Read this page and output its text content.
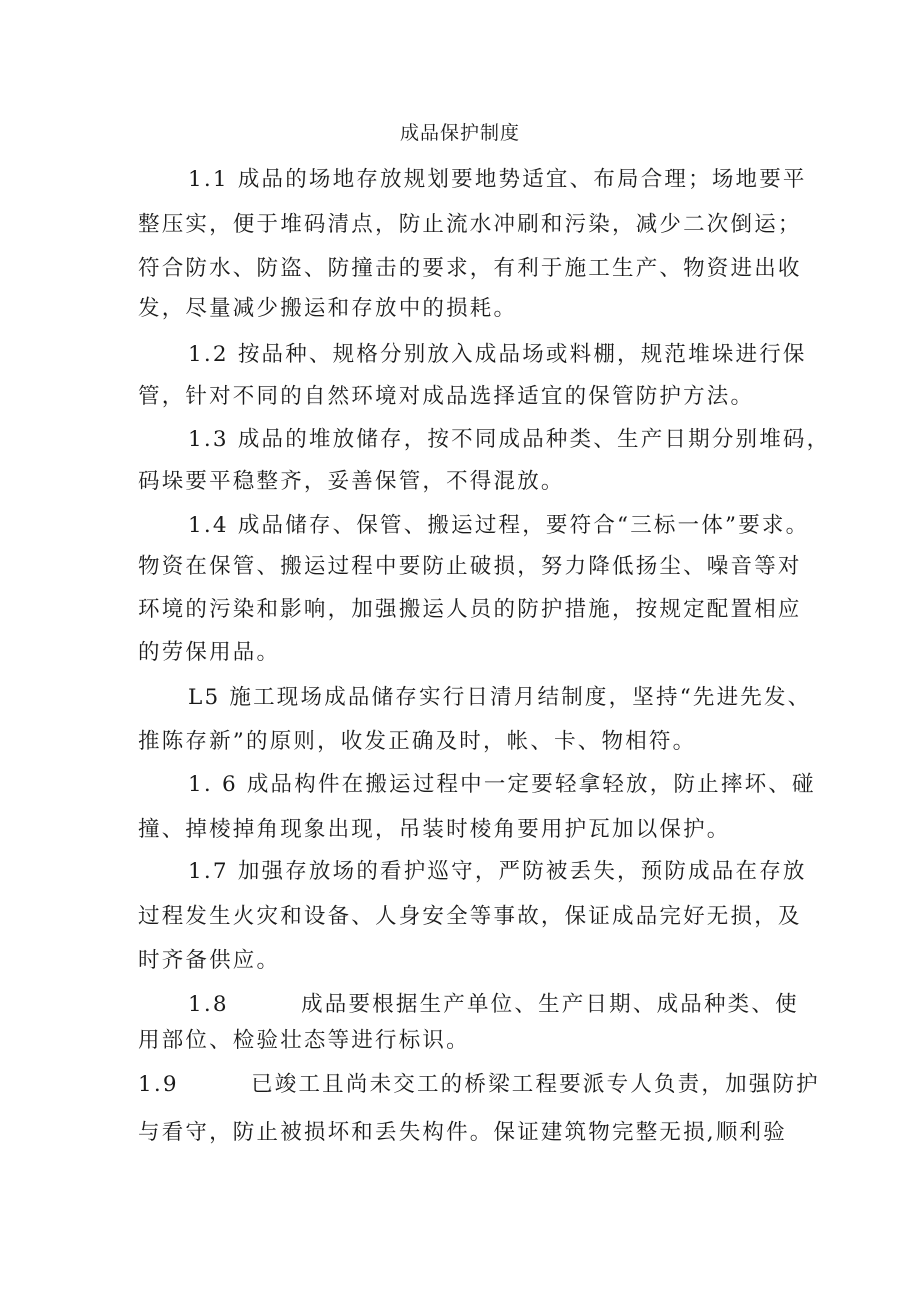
成品保护制度
1.1 成品的场地存放规划要地势适宜、布局合理；场地要平
整压实，便于堆码清点，防止流水冲刷和污染，减少二次倒运；
符合防水、防盗、防撞击的要求，有利于施工生产、物资进出收
发，尽量减少搬运和存放中的损耗。
1.2 按品种、规格分别放入成品场或料棚，规范堆垛进行保
管，针对不同的自然环境对成品选择适宜的保管防护方法。
1.3 成品的堆放储存，按不同成品种类、生产日期分别堆码，
码垛要平稳整齐，妥善保管，不得混放。
1.4 成品储存、保管、搬运过程，要符合“三标一体”要求。
物资在保管、搬运过程中要防止破损，努力降低扬尘、噪音等对
环境的污染和影响，加强搬运人员的防护措施，按规定配置相应
的劳保用品。
L5 施工现场成品储存实行日清月结制度，坚持“先进先发、
推陈存新”的原则，收发正确及时，帐、卡、物相符。
1. 6 成品构件在搬运过程中一定要轻拿轻放，防止摔坏、碰
撞、掉棱掉角现象出现，吊装时棱角要用护瓦加以保护。
1.7 加强存放场的看护巡守，严防被丢失，预防成品在存放
过程发生火灾和设备、人身安全等事故，保证成品完好无损，及
时齐备供应。
1.8        成品要根据生产单位、生产日期、成品种类、使
用部位、检验壮态等进行标识。
1.9        已竣工且尚未交工的桥梁工程要派专人负责，加强防护
与看守，防止被损坏和丢失构件。保证建筑物完整无损,顺利验
